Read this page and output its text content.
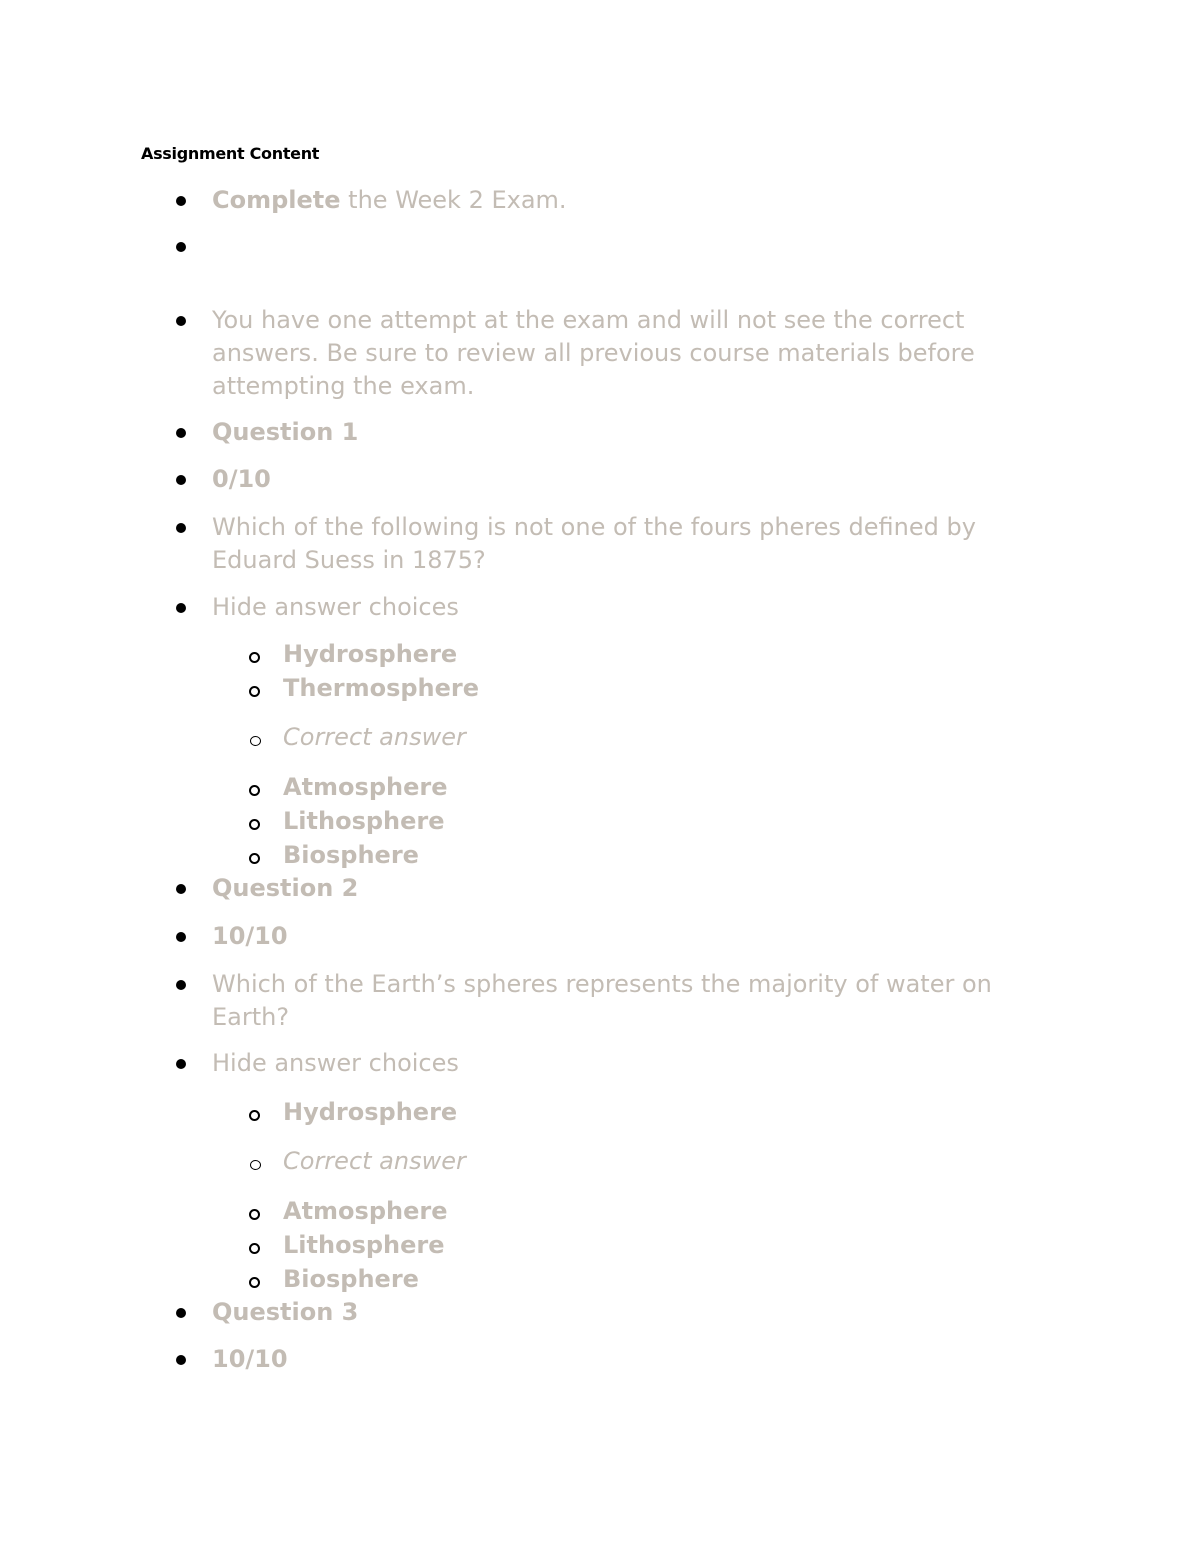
Assignment Content
Complete the Week 2 Exam.
You have one attempt at the exam and will not see the correct answers. Be sure to review all previous course materials before attempting the exam.
Question 1
0/10
Which of the following is not one of the fours pheres defined by Eduard Suess in 1875?
Hide answer choices
Hydrosphere
Thermosphere
Correct answer
Atmosphere
Lithosphere
Biosphere
Question 2
10/10
Which of the Earth’s spheres represents the majority of water on Earth?
Hide answer choices
Hydrosphere
Correct answer
Atmosphere
Lithosphere
Biosphere
Question 3
10/10
